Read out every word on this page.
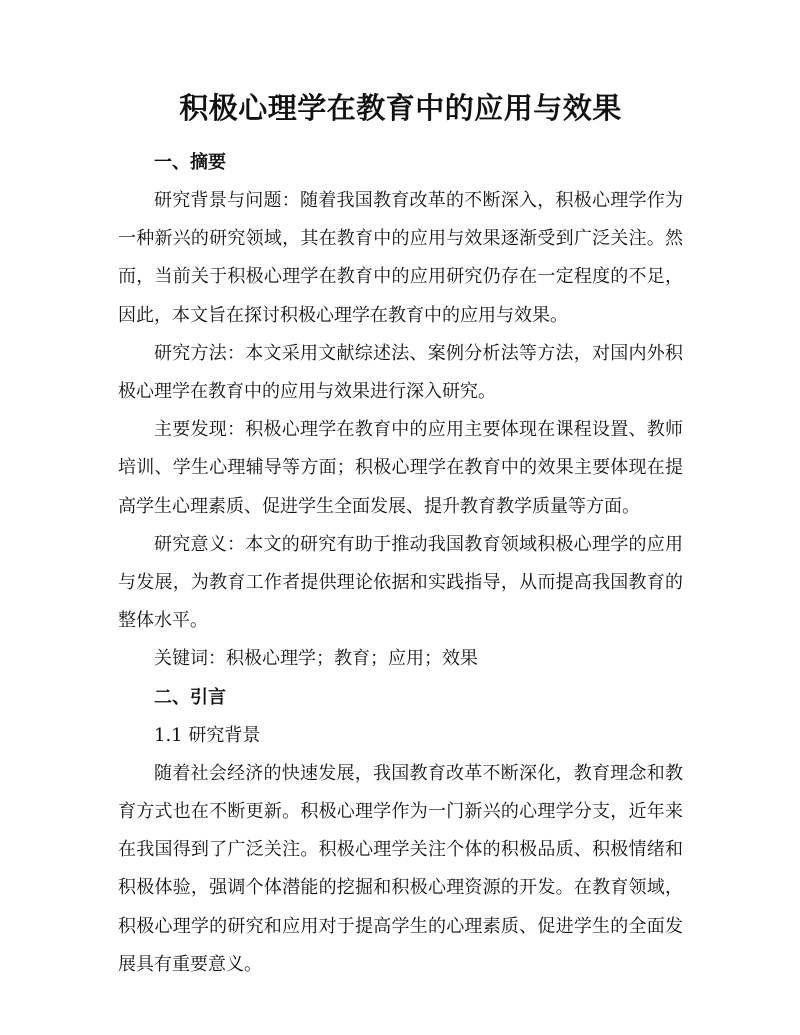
积极心理学在教育中的应用与效果
一、摘要

研究背景与问题：随着我国教育改革的不断深入，积极心理学作为一种新兴的研究领域，其在教育中的应用与效果逐渐受到广泛关注。然而，当前关于积极心理学在教育中的应用研究仍存在一定程度的不足，因此，本文旨在探讨积极心理学在教育中的应用与效果。

研究方法：本文采用文献综述法、案例分析法等方法，对国内外积极心理学在教育中的应用与效果进行深入研究。

主要发现：积极心理学在教育中的应用主要体现在课程设置、教师培训、学生心理辅导等方面；积极心理学在教育中的效果主要体现在提高学生心理素质、促进学生全面发展、提升教育教学质量等方面。

研究意义：本文的研究有助于推动我国教育领域积极心理学的应用与发展，为教育工作者提供理论依据和实践指导，从而提高我国教育的整体水平。

关键词：积极心理学；教育；应用；效果

二、引言

1.1 研究背景

随着社会经济的快速发展，我国教育改革不断深化，教育理念和教育方式也在不断更新。积极心理学作为一门新兴的心理学分支，近年来在我国得到了广泛关注。积极心理学关注个体的积极品质、积极情绪和积极体验，强调个体潜能的挖掘和积极心理资源的开发。在教育领域，积极心理学的研究和应用对于提高学生的心理素质、促进学生的全面发展具有重要意义。
